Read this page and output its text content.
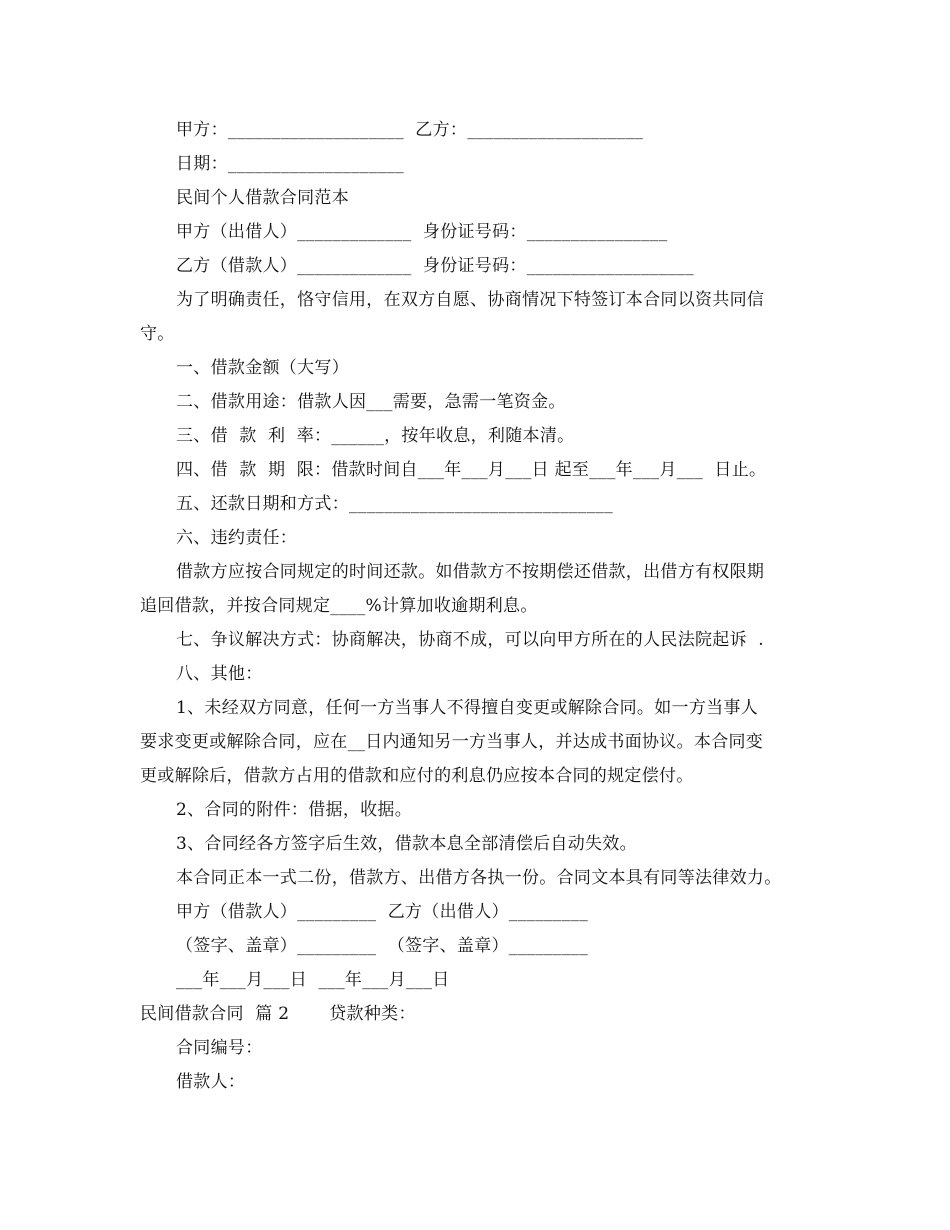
甲方：____________________  乙方：____________________
日期：____________________
民间个人借款合同范本
甲方（出借人）_____________  身份证号码：________________
乙方（借款人）_____________  身份证号码：___________________
为了明确责任，恪守信用，在双方自愿、协商情况下特签订本合同以资共同信
守。
一、借款金额（大写）
二、借款用途：借款人因___需要，急需一笔资金。
三、借  款  利  率：______，按年收息，利随本清。
四、借  款  期  限：借款时间自___年___月___日 起至___年___月___  日止。
五、还款日期和方式：______________________________
六、违约责任：
借款方应按合同规定的时间还款。如借款方不按期偿还借款，出借方有权限期
追回借款，并按合同规定____%计算加收逾期利息。
七、争议解决方式：协商解决，协商不成，可以向甲方所在的人民法院起诉  .
八、其他：
1、未经双方同意，任何一方当事人不得擅自变更或解除合同。如一方当事人
要求变更或解除合同，应在__日内通知另一方当事人，并达成书面协议。本合同变
更或解除后，借款方占用的借款和应付的利息仍应按本合同的规定偿付。
2、合同的附件：借据，收据。
3、合同经各方签字后生效，借款本息全部清偿后自动失效。
本合同正本一式二份，借款方、出借方各执一份。合同文本具有同等法律效力。
甲方（借款人）_________  乙方（出借人）_________
（签字、盖章）_________  （签字、盖章）_________
___年___月___日  ___年___月___日
民间借款合同  篇 2       贷款种类：
合同编号：
借款人：
